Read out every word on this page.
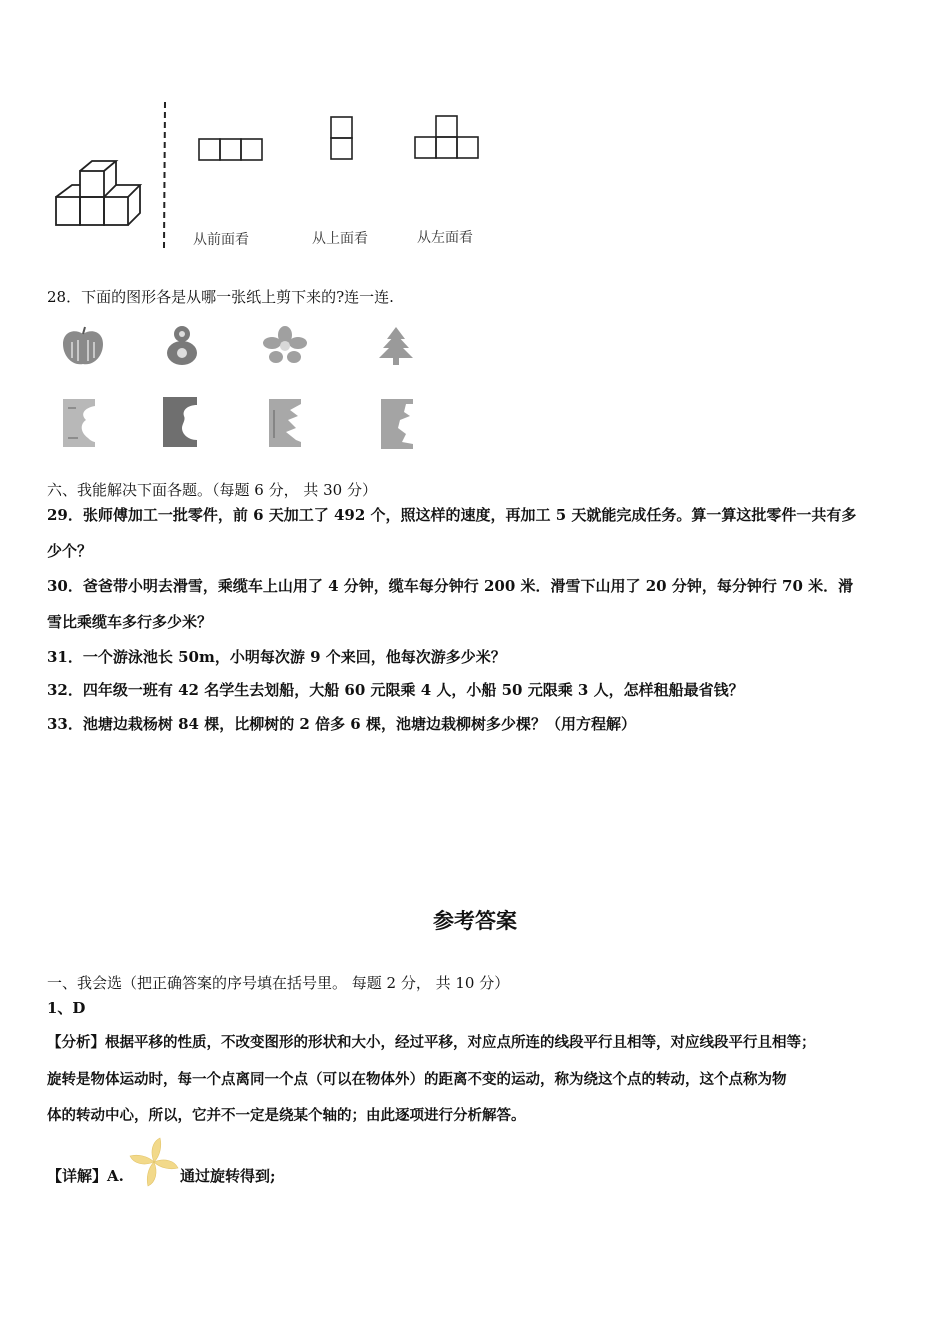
从前面看	从上面看	从左面看
28．下面的图形各是从哪一张纸上剪下来的?连一连.
六、我能解决下面各题。（每题 6 分， 共 30 分）
29．张师傅加工一批零件，前 6 天加工了 492 个，照这样的速度，再加工 5 天就能完成任务。算一算这批零件一共有多
少个？
30．爸爸带小明去滑雪，乘缆车上山用了 4 分钟，缆车每分钟行 200 米．滑雪下山用了 20 分钟，每分钟行 70 米．滑
雪比乘缆车多行多少米？
31．一个游泳池长 50m，小明每次游 9 个来回，他每次游多少米？
32．四年级一班有 42 名学生去划船，大船 60 元限乘 4 人，小船 50 元限乘 3 人，怎样租船最省钱？
33．池塘边栽杨树 84 棵，比柳树的 2 倍多 6 棵，池塘边栽柳树多少棵？（用方程解）
参考答案
一、我会选（把正确答案的序号填在括号里。 每题 2 分， 共 10 分）
1、D
【分析】根据平移的性质，不改变图形的形状和大小，经过平移，对应点所连的线段平行且相等，对应线段平行且相等；
旋转是物体运动时，每一个点离同一个点（可以在物体外）的距离不变的运动，称为绕这个点的转动，这个点称为物
体的转动中心，所以，它并不一定是绕某个轴的；由此逐项进行分析解答。
【详解】A.	通过旋转得到;
